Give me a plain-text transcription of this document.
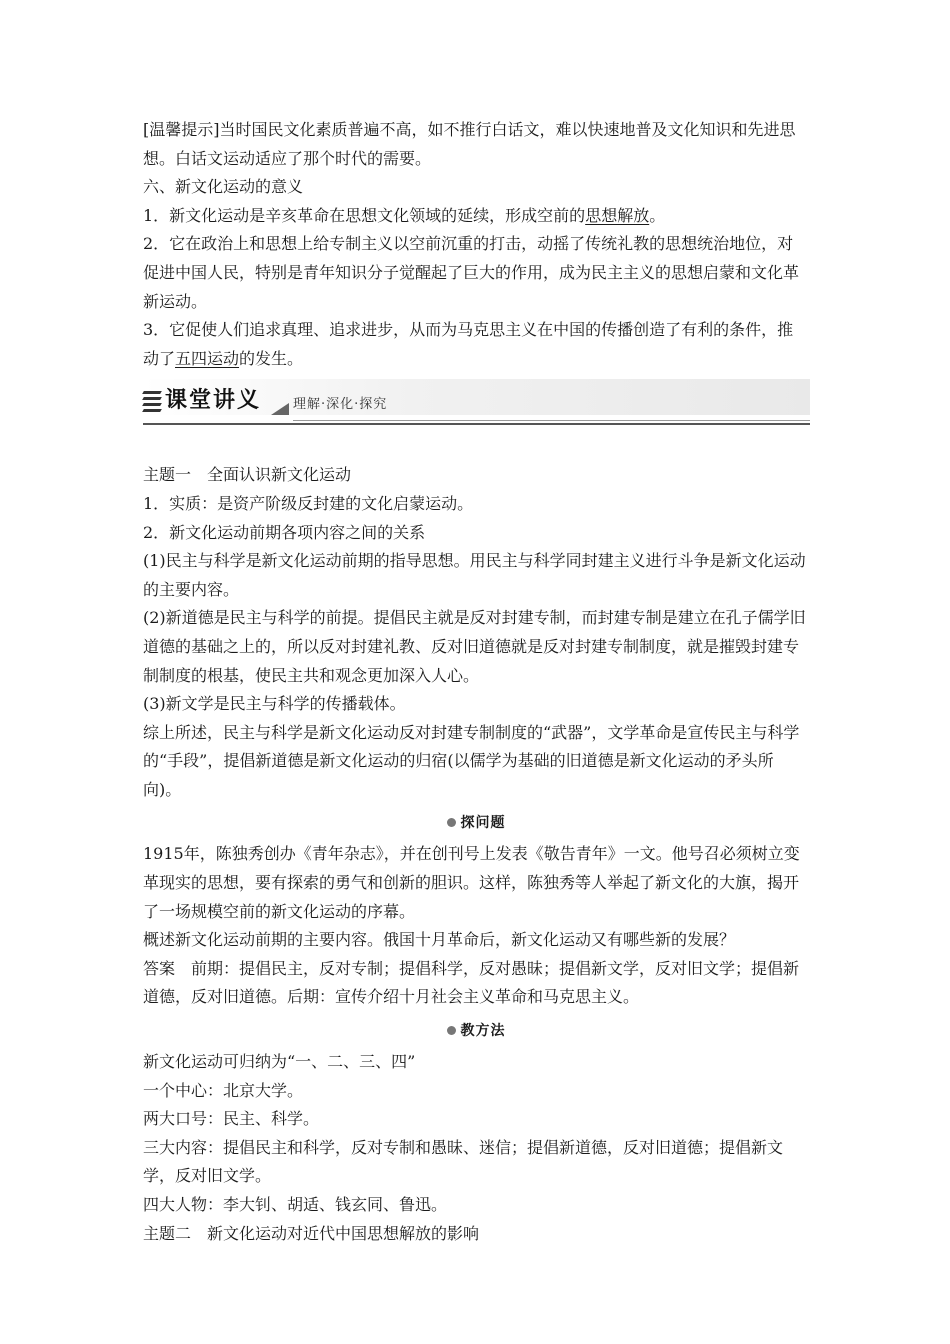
[温馨提示]当时国民文化素质普遍不高，如不推行白话文，难以快速地普及文化知识和先进思想。白话文运动适应了那个时代的需要。

六、新文化运动的意义

1．新文化运动是辛亥革命在思想文化领域的延续，形成空前的思想解放。

2．它在政治上和思想上给专制主义以空前沉重的打击，动摇了传统礼教的思想统治地位，对促进中国人民，特别是青年知识分子觉醒起了巨大的作用，成为民主主义的思想启蒙和文化革新运动。

3．它促使人们追求真理、追求进步，从而为马克思主义在中国的传播创造了有利的条件，推动了五四运动的发生。

课堂讲义 理解·深化·探究

主题一　全面认识新文化运动

1．实质：是资产阶级反封建的文化启蒙运动。

2．新文化运动前期各项内容之间的关系

(1)民主与科学是新文化运动前期的指导思想。用民主与科学同封建主义进行斗争是新文化运动的主要内容。

(2)新道德是民主与科学的前提。提倡民主就是反对封建专制，而封建专制是建立在孔子儒学旧道德的基础之上的，所以反对封建礼教、反对旧道德就是反对封建专制制度，就是摧毁封建专制制度的根基，使民主共和观念更加深入人心。

(3)新文学是民主与科学的传播载体。

综上所述，民主与科学是新文化运动反对封建专制制度的“武器”，文学革命是宣传民主与科学的“手段”，提倡新道德是新文化运动的归宿(以儒学为基础的旧道德是新文化运动的矛头所向)。

探问题

1915年，陈独秀创办《青年杂志》，并在创刊号上发表《敬告青年》一文。他号召必须树立变革现实的思想，要有探索的勇气和创新的胆识。这样，陈独秀等人举起了新文化的大旗，揭开了一场规模空前的新文化运动的序幕。

概述新文化运动前期的主要内容。俄国十月革命后，新文化运动又有哪些新的发展？

答案　前期：提倡民主，反对专制；提倡科学，反对愚昧；提倡新文学，反对旧文学；提倡新道德，反对旧道德。后期：宣传介绍十月社会主义革命和马克思主义。

教方法

新文化运动可归纳为“一、二、三、四”

一个中心：北京大学。

两大口号：民主、科学。

三大内容：提倡民主和科学，反对专制和愚昧、迷信；提倡新道德，反对旧道德；提倡新文学，反对旧文学。

四大人物：李大钊、胡适、钱玄同、鲁迅。

主题二　新文化运动对近代中国思想解放的影响
